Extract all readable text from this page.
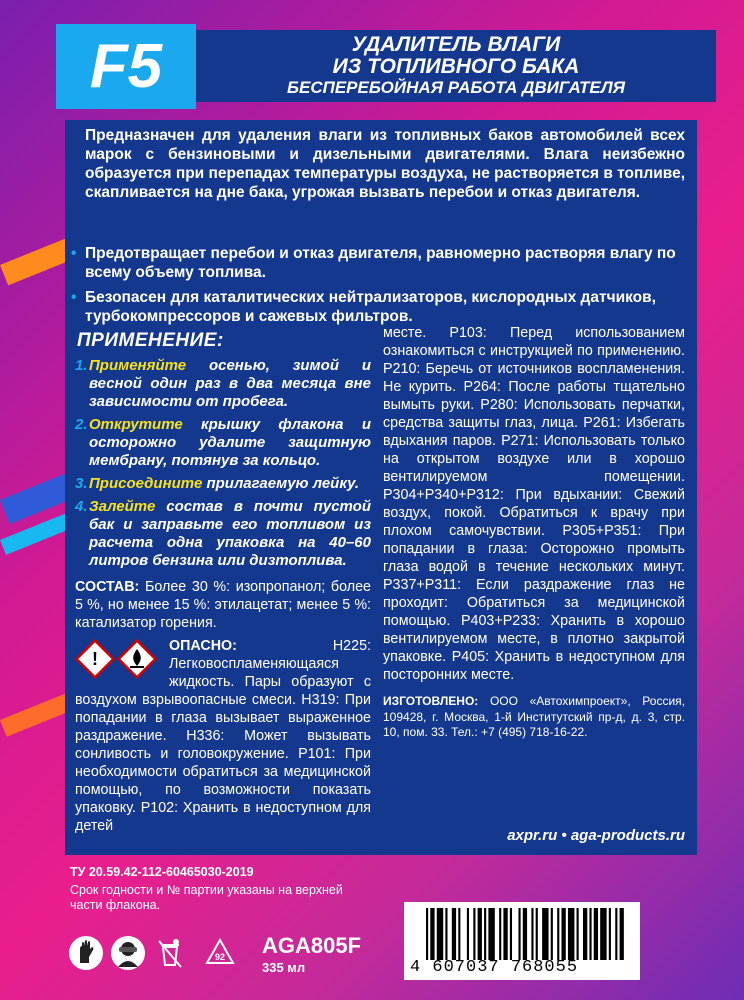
F5	УДАЛИТЕЛЬ ВЛАГИ
ИЗ ТОПЛИВНОГО БАКА
БЕСПЕРЕБОЙНАЯ РАБОТА ДВИГАТЕЛЯ
Предназначен для удаления влаги из топливных баков автомобилей всех марок с бензиновыми и дизельными двигателями. Влага неизбежно образуется при перепадах температуры воздуха, не растворяется в топливе, скапливается на дне бака, угрожая вызвать перебои и отказ двигателя.
• Предотвращает перебои и отказ двигателя, равномерно растворяя влагу по всему объему топлива.
• Безопасен для каталитических нейтрализаторов, кислородных датчиков, турбокомпрессоров и сажевых фильтров.
ПРИМЕНЕНИЕ:
1. Применяйте осенью, зимой и весной один раз в два месяца вне зависимости от пробега.
2. Открутите крышку флакона и осторожно удалите защитную мембрану, потянув за кольцо.
3. Присоедините прилагаемую лейку.
4. Залейте состав в почти пустой бак и заправьте его топливом из расчета одна упаковка на 40–60 литров бензина или дизтоплива.
СОСТАВ: Более 30 %: изопропанол; более 5 %, но менее 15 %: этилацетат; менее 5 %: катализатор горения.
!
ОПАСНО: H225: Легковоспламеняющаяся жидкость. Пары образуют с воздухом взрывоопасные смеси. H319: При попадании в глаза вызывает выраженное раздражение. H336: Может вызывать сонливость и головокружение. P101: При необходимости обратиться за медицинской помощью, по возможности показать упаковку. P102: Хранить в недоступном для детей
месте. P103: Перед использованием ознакомиться с инструкцией по применению. P210: Беречь от источников воспламенения. Не курить. P264: После работы тщательно вымыть руки. P280: Использовать перчатки, средства защиты глаз, лица. P261: Избегать вдыхания паров. P271: Использовать только на открытом воздухе или в хорошо вентилируемом помещении. P304+P340+P312: При вдыхании: Свежий воздух, покой. Обратиться к врачу при плохом самочувствии. P305+P351: При попадании в глаза: Осторожно промыть глаза водой в течение нескольких минут. P337+P311: Если раздражение глаз не проходит: Обратиться за медицинской помощью. P403+P233: Хранить в хорошо вентилируемом месте, в плотно закрытой упаковке. P405: Хранить в недоступном для посторонних месте.
ИЗГОТОВЛЕНО: ООО «Автохимпроект», Россия, 109428, г. Москва, 1-й Институтский пр-д, д. 3, стр. 10, пом. 33. Тел.: +7 (495) 718-16-22.
axpr.ru • aga-products.ru
ТУ 20.59.42-112-60465030-2019
Срок годности и № партии указаны на верхней части флакона.
92 AGA805F
335 мл	4 607037 768055
